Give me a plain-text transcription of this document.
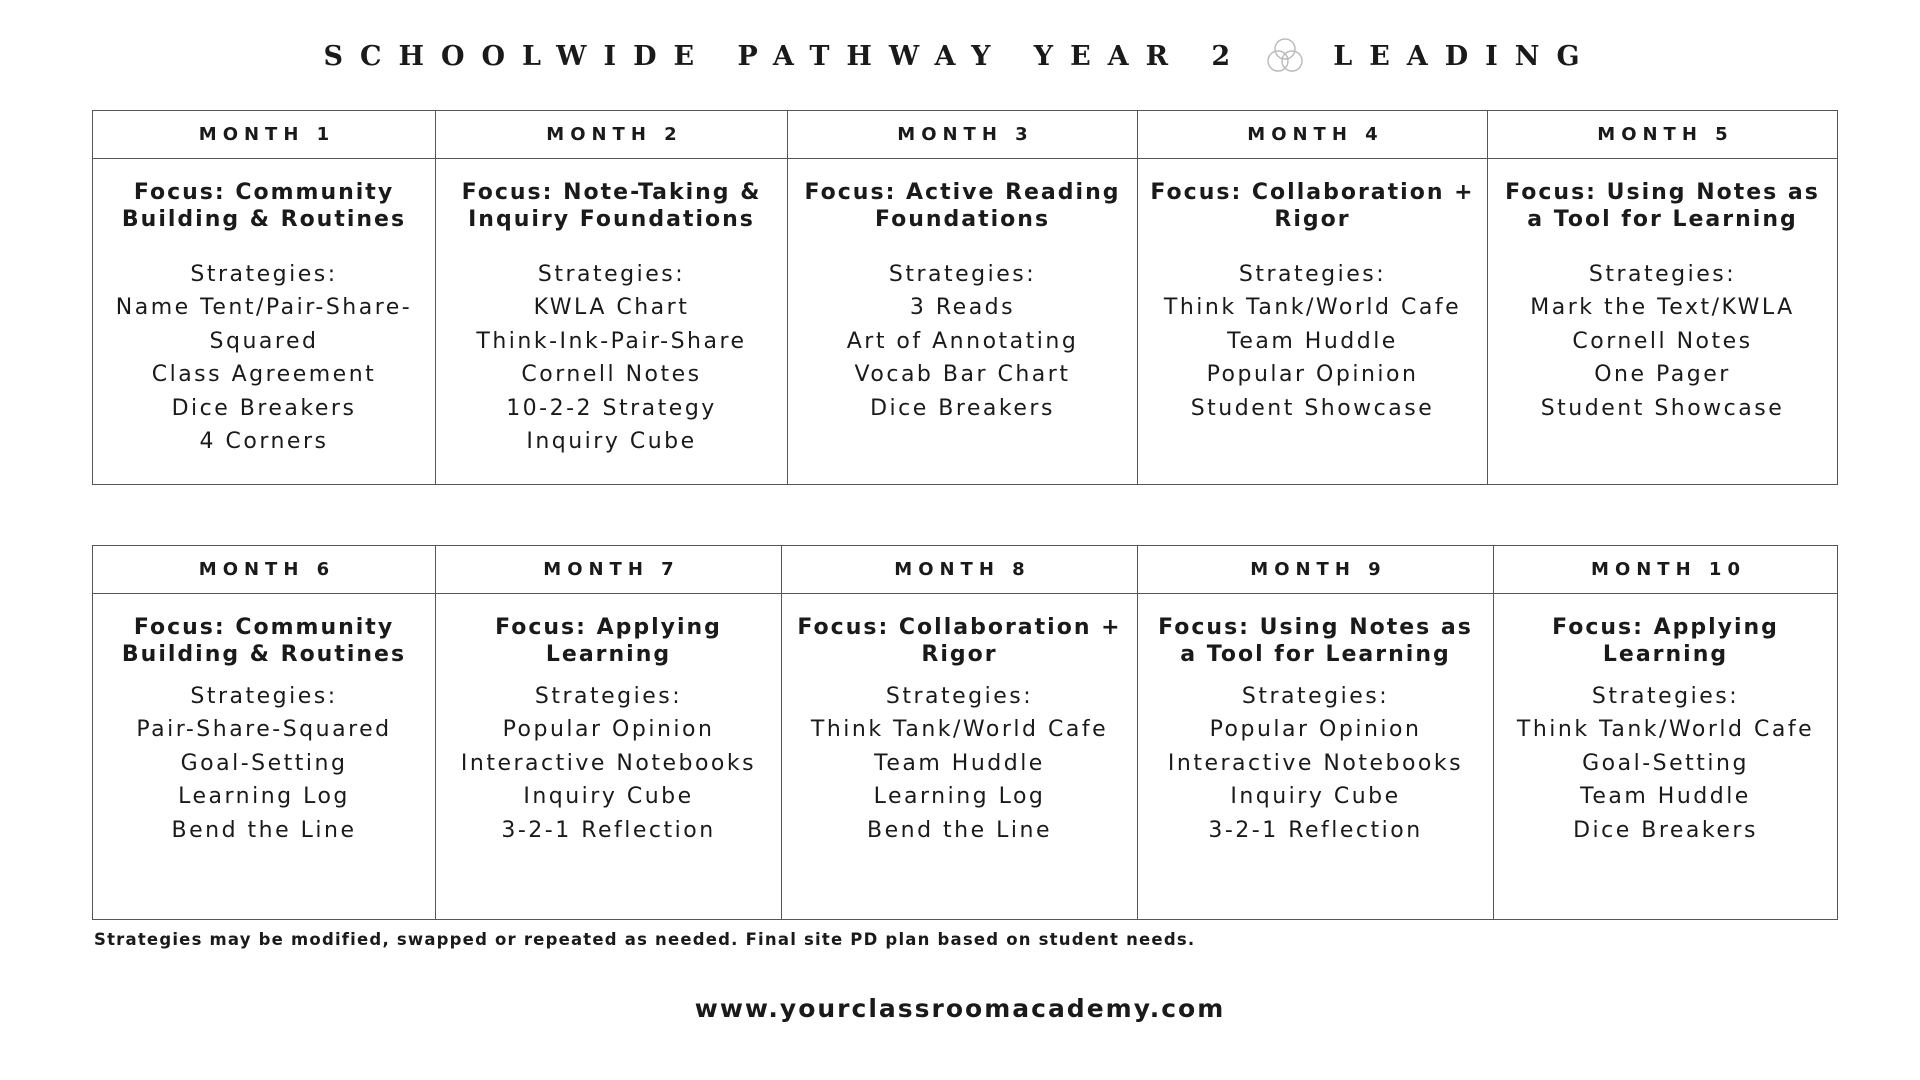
SCHOOLWIDE PATHWAY YEAR 2	LEADING
MONTH 1
Focus: Community
Building & Routines
Strategies:
Name Tent/Pair-Share-
Squared
Class Agreement
Dice Breakers
4 Corners
MONTH 2
Focus: Note-Taking &
Inquiry Foundations
Strategies:
KWLA Chart
Think-Ink-Pair-Share
Cornell Notes
10-2-2 Strategy
Inquiry Cube
MONTH 3
Focus: Active Reading
Foundations
Strategies:
3 Reads
Art of Annotating
Vocab Bar Chart
Dice Breakers
MONTH 4
Focus: Collaboration +
Rigor
Strategies:
Think Tank/World Cafe
Team Huddle
Popular Opinion
Student Showcase
MONTH 5
Focus: Using Notes as
a Tool for Learning
Strategies:
Mark the Text/KWLA
Cornell Notes
One Pager
Student Showcase
MONTH 6
Focus: Community
Building & Routines
Strategies:
Pair-Share-Squared
Goal-Setting
Learning Log
Bend the Line
MONTH 7
Focus: Applying
Learning
Strategies:
Popular Opinion
Interactive Notebooks
Inquiry Cube
3-2-1 Reflection
MONTH 8
Focus: Collaboration +
Rigor
Strategies:
Think Tank/World Cafe
Team Huddle
Learning Log
Bend the Line
MONTH 9
Focus: Using Notes as
a Tool for Learning
Strategies:
Popular Opinion
Interactive Notebooks
Inquiry Cube
3-2-1 Reflection
MONTH 10
Focus: Applying
Learning
Strategies:
Think Tank/World Cafe
Goal-Setting
Team Huddle
Dice Breakers
Strategies may be modified, swapped or repeated as needed. Final site PD plan based on student needs.
www.yourclassroomacademy.com
